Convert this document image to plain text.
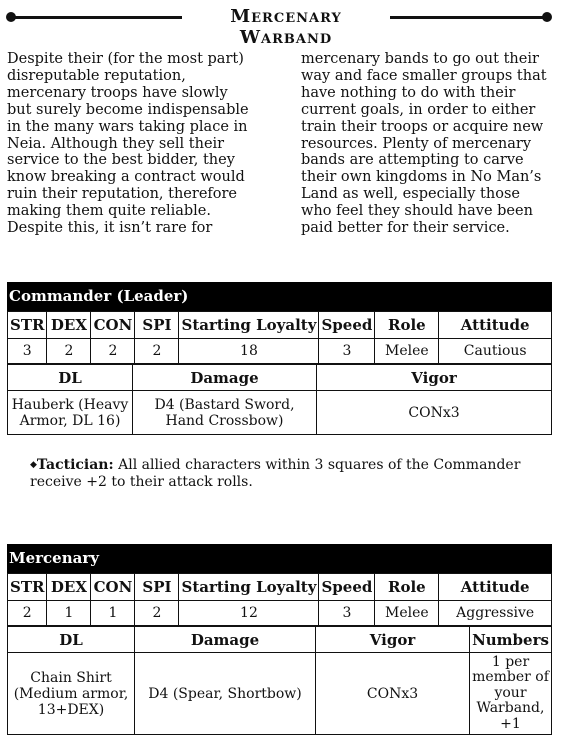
Mercenary Warband

Despite their (for the most part) disreputable reputation, mercenary troops have slowly but surely become indispensable in the many wars taking place in Neia. Although they sell their service to the best bidder, they know breaking a contract would ruin their reputation, therefore making them quite reliable. Despite this, it isn’t rare for

mercenary bands to go out their way and face smaller groups that have nothing to do with their current goals, in order to either train their troops or acquire new resources. Plenty of mercenary bands are attempting to carve their own kingdoms in No Man’s Land as well, especially those who feel they should have been paid better for their service.

Commander (Leader)
STR	DEX	CON	SPI	Starting Loyalty	Speed	Role	Attitude
3	2	2	2	18	3	Melee	Cautious
DL	Damage	Vigor
Hauberk (Heavy Armor, DL 16)	D4 (Bastard Sword, Hand Crossbow)	CONx3
◆Tactician: All allied characters within 3 squares of the Commander receive +2 to their attack rolls.
Mercenary
STR	DEX	CON	SPI	Starting Loyalty	Speed	Role	Attitude
2	1	1	2	12	3	Melee	Aggressive
DL	Damage	Vigor	Numbers
Chain Shirt (Medium armor, 13+DEX)	D4 (Spear, Shortbow)	CONx3	1 per member of your Warband, +1
